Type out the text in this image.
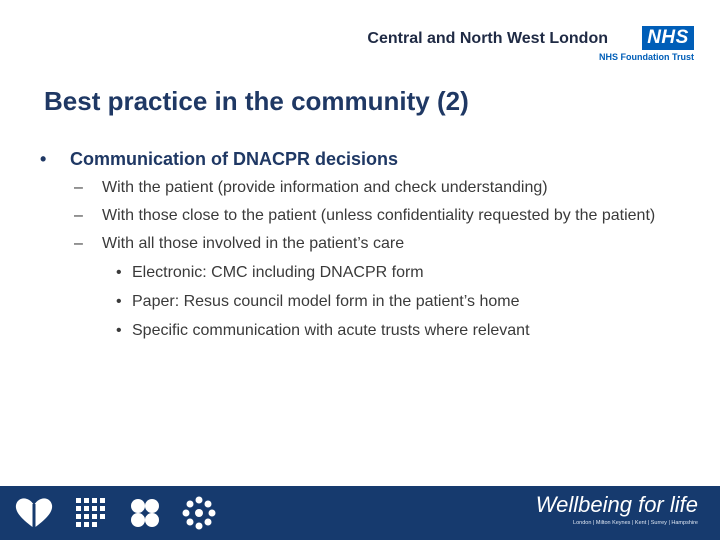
Central and North West London NHS
NHS Foundation Trust
Best practice in the community (2)
• Communication of DNACPR decisions
– With the patient (provide information and check understanding)
– With those close to the patient (unless confidentiality requested by the patient)
– With all those involved in the patient’s care
• Electronic: CMC including DNACPR form
• Paper: Resus council model form in the patient’s home
• Specific communication with acute trusts where relevant
Wellbeing for life
London | Milton Keynes | Kent | Surrey | Hampshire
